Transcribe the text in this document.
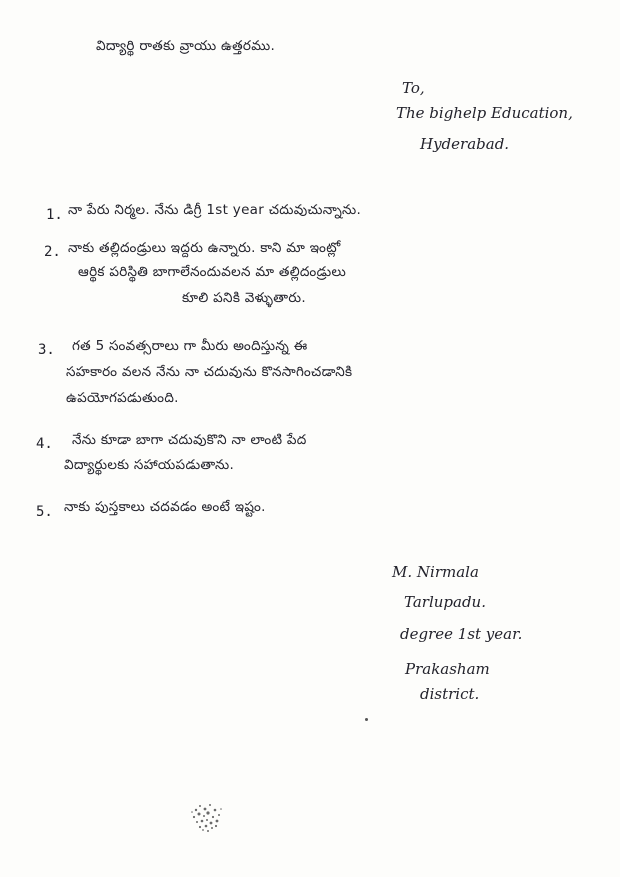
విద్యార్థి రాతకు వ్రాయు ఉత్తరము.
To,
The bighelp Education,
Hyderabad.
1. నా పేరు నిర్మల. నేను డిగ్రీ 1st year చదువుచున్నాను.
2. నాకు తల్లిదండ్రులు ఇద్దరు ఉన్నారు. కాని మా ఇంట్లో
ఆర్థిక పరిస్థితి బాగాలేనందువలన మా తల్లిదండ్రులు
కూలి పనికి వెళ్ళుతారు.
3. గత 5 సంవత్సరాలు గా మీరు అందిస్తున్న ఈ
సహకారం వలన నేను నా చదువును కొనసాగించడానికి
ఉపయోగపడుతుంది.
4. నేను కూడా బాగా చదువుకొని నా లాంటి పేద
విద్యార్థులకు సహాయపడుతాను.
5. నాకు పుస్తకాలు చదవడం అంటే ఇష్టం.
M. Nirmala
Tarlupadu.
degree 1st year.
Prakasham
district.
